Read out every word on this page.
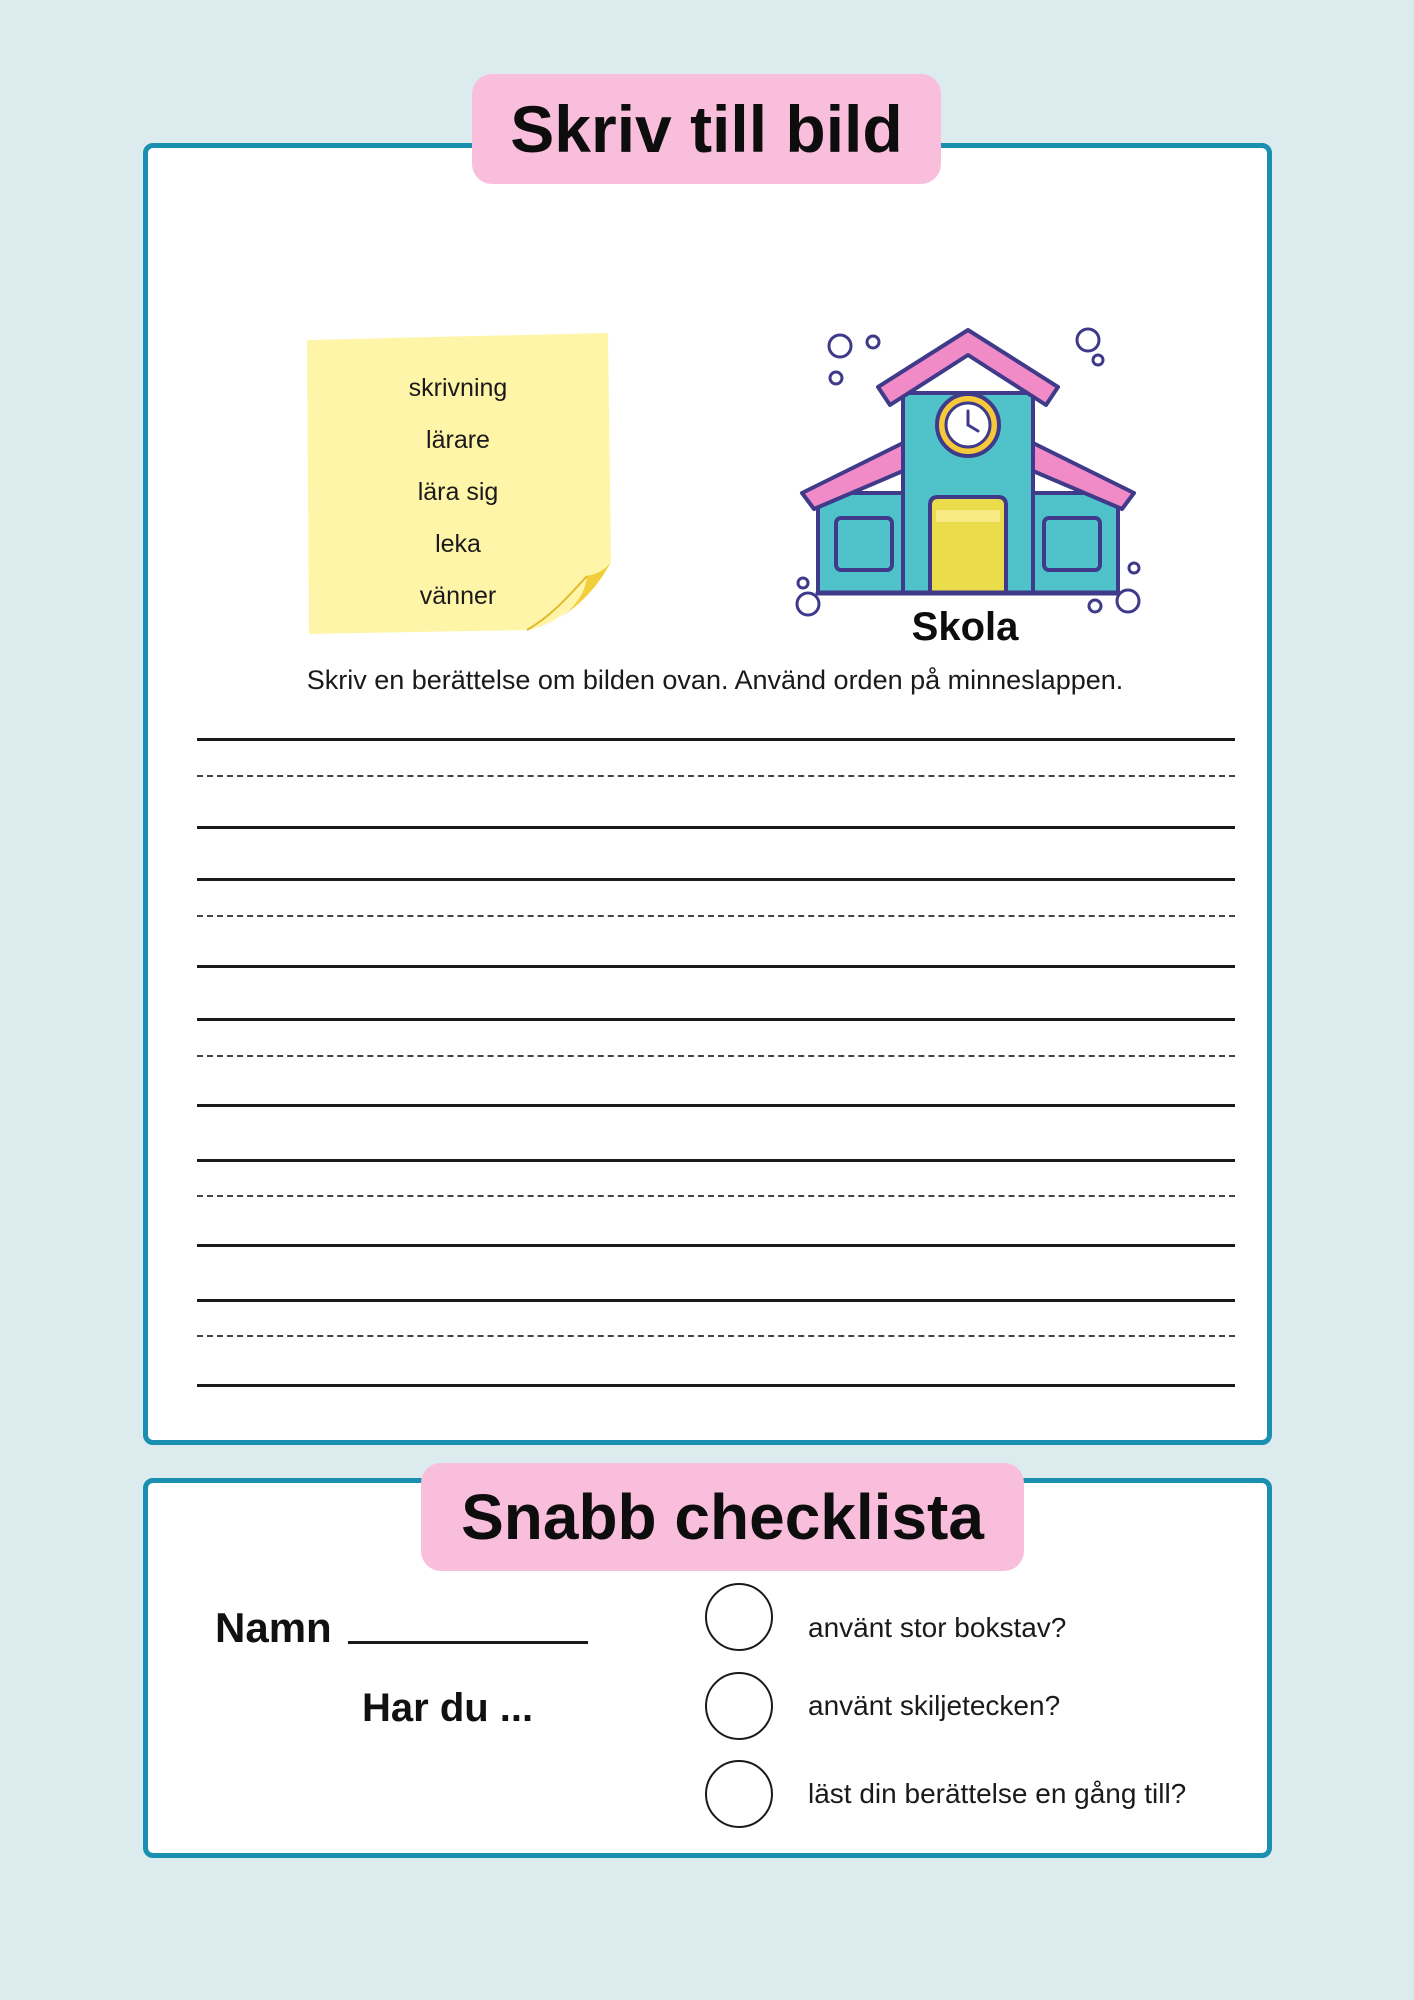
Skriv till bild
skrivning
lärare
lära sig
leka
vänner
Skola
Skriv en berättelse om bilden ovan. Använd orden på minneslappen.
Snabb checklista
Namn
Har du ...
använt stor bokstav?
använt skiljetecken?
läst din berättelse en gång till?
